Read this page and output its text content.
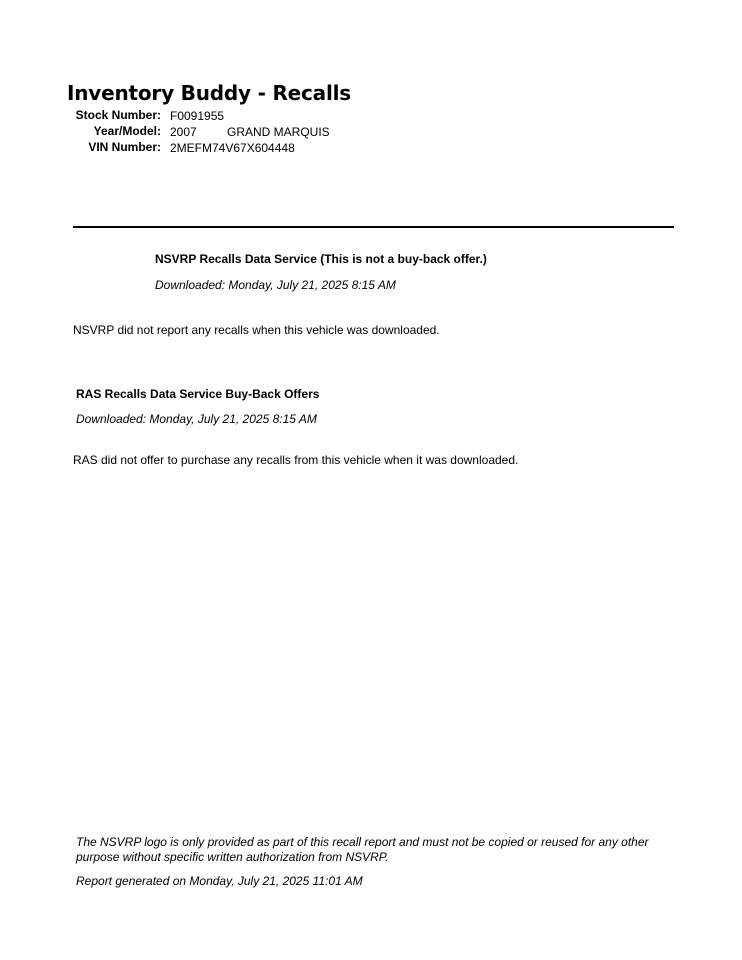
Inventory Buddy - Recalls
Stock Number: F0091955
Year/Model: 2007	GRAND MARQUIS
VIN Number: 2MEFM74V67X604448
NSVRP Recalls Data Service (This is not a buy-back offer.)
Downloaded: Monday, July 21, 2025 8:15 AM
NSVRP did not report any recalls when this vehicle was downloaded.
RAS Recalls Data Service Buy-Back Offers
Downloaded: Monday, July 21, 2025 8:15 AM
RAS did not offer to purchase any recalls from this vehicle when it was downloaded.
The NSVRP logo is only provided as part of this recall report and must not be copied or reused for any other
purpose without specific written authorization from NSVRP.
Report generated on Monday, July 21, 2025 11:01 AM
